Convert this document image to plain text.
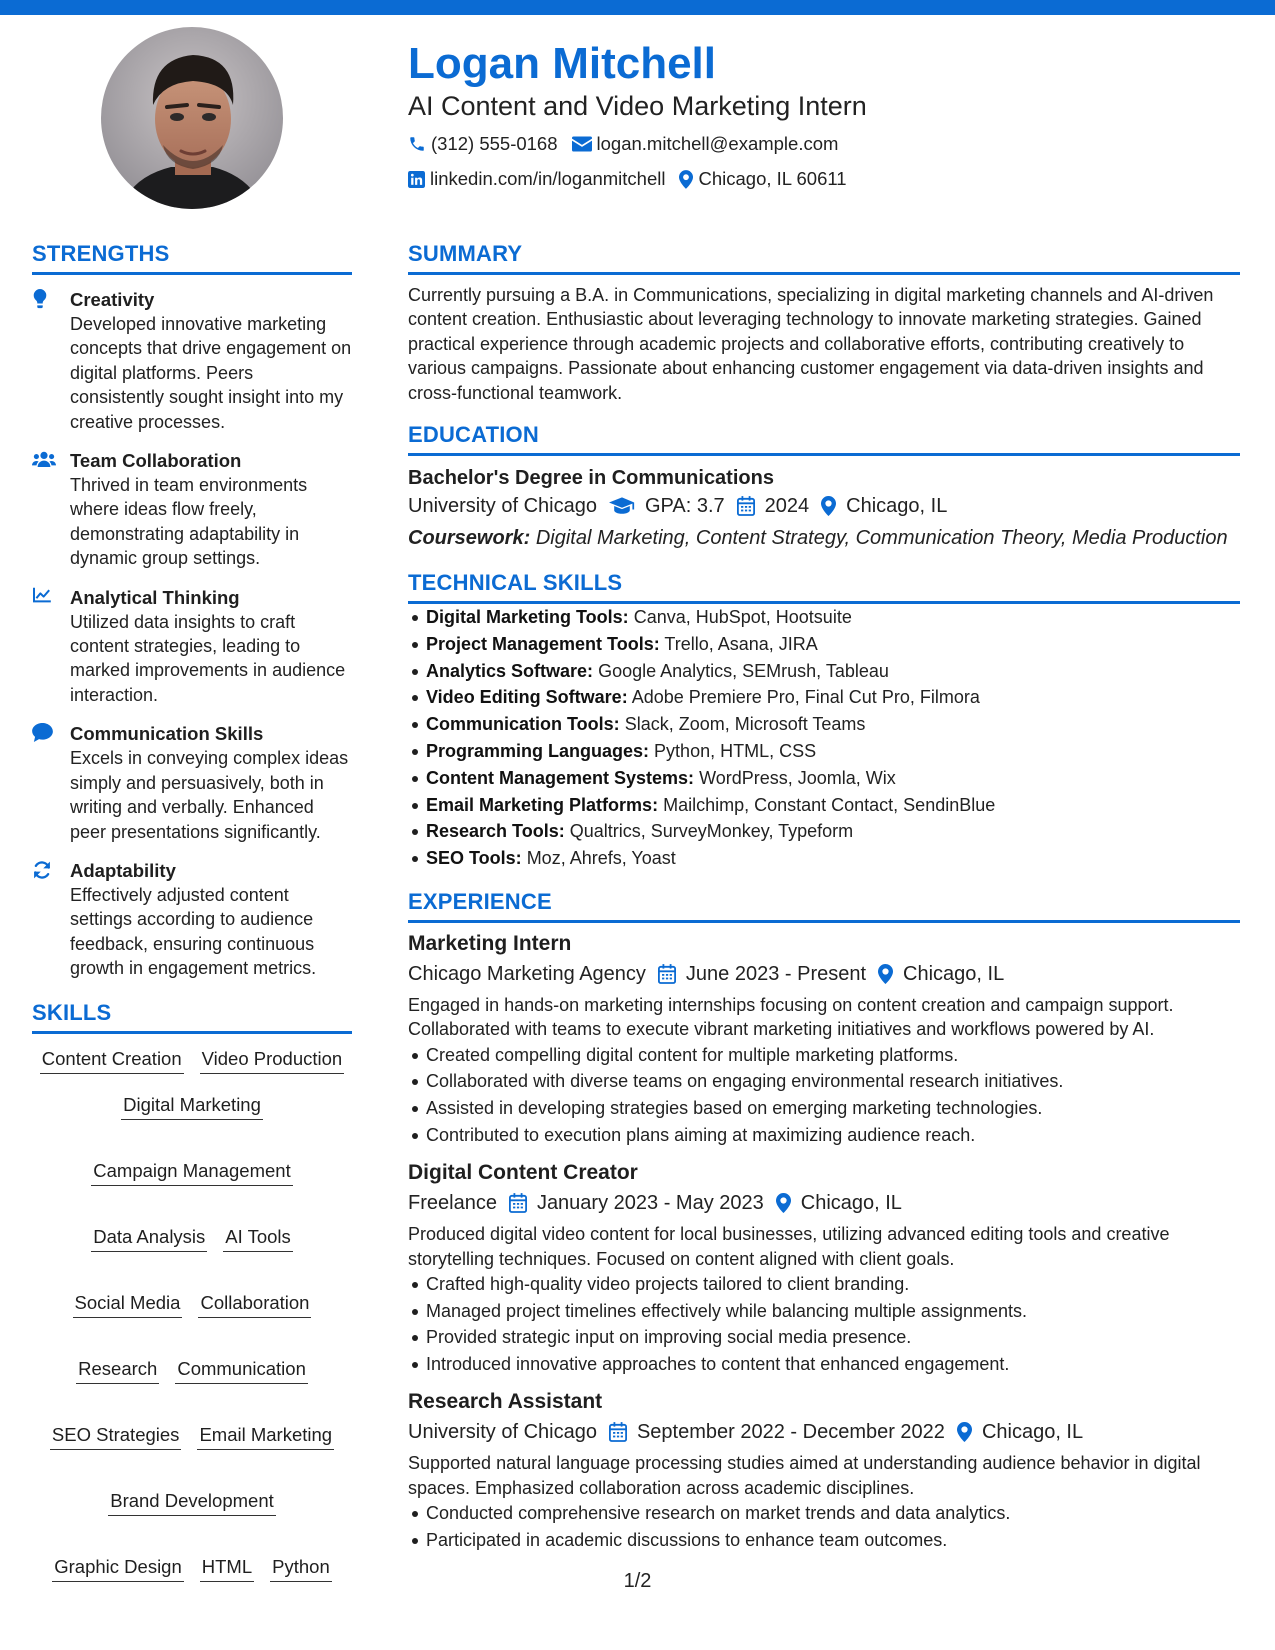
Logan Mitchell
AI Content and Video Marketing Intern
(312) 555-0168 logan.mitchell@example.com
linkedin.com/in/loganmitchell Chicago, IL 60611
STRENGTHS
Creativity
Developed innovative marketing concepts that drive engagement on digital platforms. Peers consistently sought insight into my creative processes.
Team Collaboration
Thrived in team environments where ideas flow freely, demonstrating adaptability in dynamic group settings.
Analytical Thinking
Utilized data insights to craft content strategies, leading to marked improvements in audience interaction.
Communication Skills
Excels in conveying complex ideas simply and persuasively, both in writing and verbally. Enhanced peer presentations significantly.
Adaptability
Effectively adjusted content settings according to audience feedback, ensuring continuous growth in engagement metrics.
SKILLS
Content Creation Video Production
Digital Marketing
Campaign Management
Data Analysis AI Tools
Social Media Collaboration
Research Communication
SEO Strategies Email Marketing
Brand Development
Graphic Design HTML Python
SUMMARY
Currently pursuing a B.A. in Communications, specializing in digital marketing channels and AI-driven content creation. Enthusiastic about leveraging technology to innovate marketing strategies. Gained practical experience through academic projects and collaborative efforts, contributing creatively to various campaigns. Passionate about enhancing customer engagement via data-driven insights and cross-functional teamwork.
EDUCATION
Bachelor's Degree in Communications
University of Chicago GPA: 3.7 2024 Chicago, IL
Coursework: Digital Marketing, Content Strategy, Communication Theory, Media Production
TECHNICAL SKILLS
Digital Marketing Tools: Canva, HubSpot, Hootsuite
Project Management Tools: Trello, Asana, JIRA
Analytics Software: Google Analytics, SEMrush, Tableau
Video Editing Software: Adobe Premiere Pro, Final Cut Pro, Filmora
Communication Tools: Slack, Zoom, Microsoft Teams
Programming Languages: Python, HTML, CSS
Content Management Systems: WordPress, Joomla, Wix
Email Marketing Platforms: Mailchimp, Constant Contact, SendinBlue
Research Tools: Qualtrics, SurveyMonkey, Typeform
SEO Tools: Moz, Ahrefs, Yoast
EXPERIENCE
Marketing Intern
Chicago Marketing Agency June 2023 - Present Chicago, IL
Engaged in hands-on marketing internships focusing on content creation and campaign support. Collaborated with teams to execute vibrant marketing initiatives and workflows powered by AI.
Created compelling digital content for multiple marketing platforms.
Collaborated with diverse teams on engaging environmental research initiatives.
Assisted in developing strategies based on emerging marketing technologies.
Contributed to execution plans aiming at maximizing audience reach.
Digital Content Creator
Freelance January 2023 - May 2023 Chicago, IL
Produced digital video content for local businesses, utilizing advanced editing tools and creative storytelling techniques. Focused on content aligned with client goals.
Crafted high-quality video projects tailored to client branding.
Managed project timelines effectively while balancing multiple assignments.
Provided strategic input on improving social media presence.
Introduced innovative approaches to content that enhanced engagement.
Research Assistant
University of Chicago September 2022 - December 2022 Chicago, IL
Supported natural language processing studies aimed at understanding audience behavior in digital spaces. Emphasized collaboration across academic disciplines.
Conducted comprehensive research on market trends and data analytics.
Participated in academic discussions to enhance team outcomes.
1/2
